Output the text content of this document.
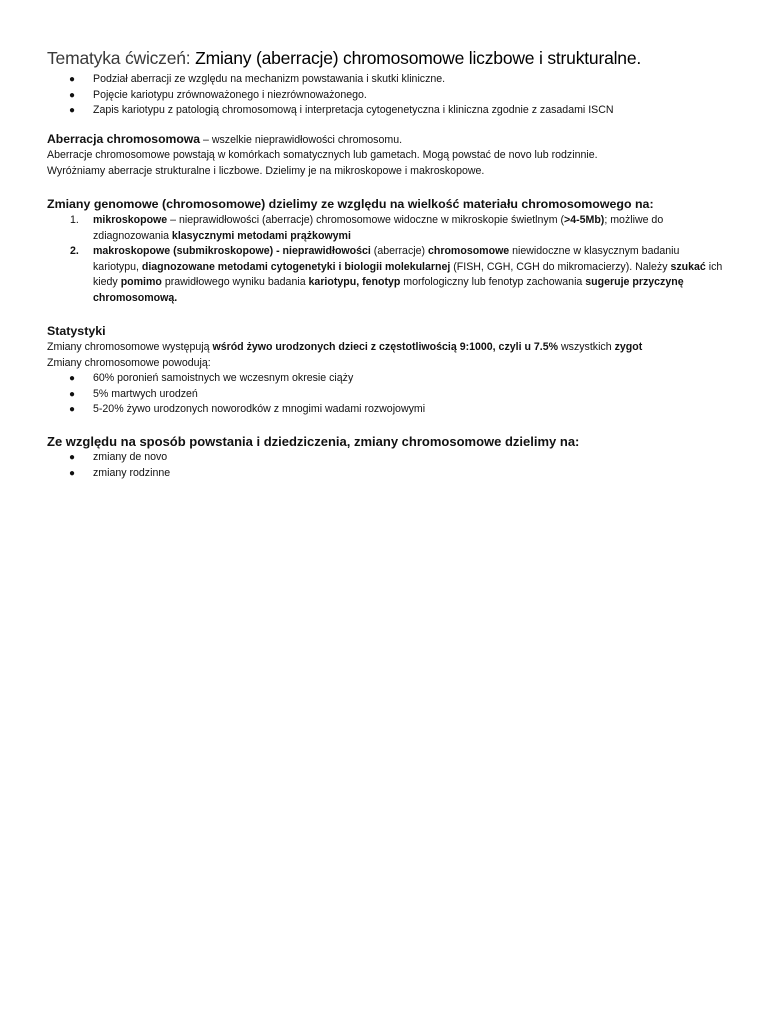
Tematyka ćwiczeń: Zmiany (aberracje) chromosomowe liczbowe i strukturalne.
● Podział aberracji ze względu na mechanizm powstawania i skutki kliniczne.
● Pojęcie kariotypu zrównoważonego i niezrównoważonego.
● Zapis kariotypu z patologią chromosomową i interpretacja cytogenetyczna i kliniczna zgodnie z zasadami ISCN

Aberracja chromosomowa – wszelkie nieprawidłowości chromosomu.

Aberracje chromosomowe powstają w komórkach somatycznych lub gametach. Mogą powstać de novo lub rodzinnie.

Wyróżniamy aberracje strukturalne i liczbowe. Dzielimy je na mikroskopowe i makroskopowe.

Zmiany genomowe (chromosomowe) dzielimy ze względu na wielkość materiału chromosomowego na:
1. mikroskopowe – nieprawidłowości (aberracje) chromosomowe widoczne w mikroskopie świetlnym (>4-5Mb); możliwe do zdiagnozowania klasycznymi metodami prążkowymi
2. makroskopowe (submikroskopowe) - nieprawidłowości (aberracje) chromosomowe niewidoczne w klasycznym badaniu kariotypu, diagnozowane metodami cytogenetyki i biologii molekularnej (FISH, CGH, CGH do mikromacierzy). Należy szukać ich kiedy pomimo prawidłowego wyniku badania kariotypu, fenotyp morfologiczny lub fenotyp zachowania sugeruje przyczynę chromosomową.
Statystyki

Zmiany chromosomowe występują wśród żywo urodzonych dzieci z częstotliwością 9:1000, czyli u 7.5% wszystkich zygot

Zmiany chromosomowe powodują:

● 60% poronień samoistnych we wczesnym okresie ciąży
● 5% martwych urodzeń
● 5-20% żywo urodzonych noworodków z mnogimi wadami rozwojowymi
Ze względu na sposób powstania i dziedziczenia, zmiany chromosomowe dzielimy na:
● zmiany de novo
● zmiany rodzinne
